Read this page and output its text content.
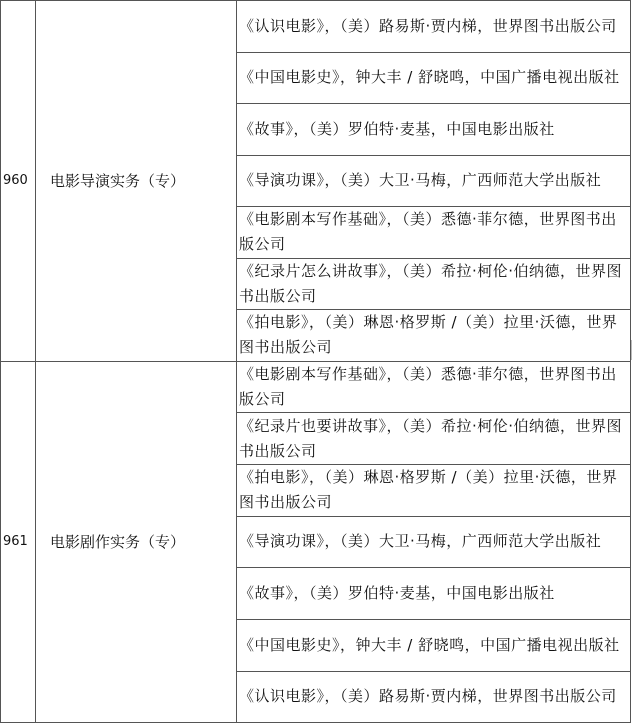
960	电影导演实务（专）	《认识电影》，（美）路易斯·贾内梯，世界图书出版公司

		《中国电影史》，钟大丰 / 舒晓鸣，中国广播电视出版社

		《故事》，（美）罗伯特·麦基，中国电影出版社

		《导演功课》，（美）大卫·马梅，广西师范大学出版社

		《电影剧本写作基础》，（美）悉德·菲尔德，世界图书出版公司

		《纪录片怎么讲故事》，（美）希拉·柯伦·伯纳德，世界图书出版公司

		《拍电影》，（美）琳恩·格罗斯 /（美）拉里·沃德，世界图书出版公司

961	电影剧作实务（专）	《电影剧本写作基础》，（美）悉德·菲尔德，世界图书出版公司

		《纪录片也要讲故事》，（美）希拉·柯伦·伯纳德，世界图书出版公司

		《拍电影》，（美）琳恩·格罗斯 /（美）拉里·沃德，世界图书出版公司

		《导演功课》，（美）大卫·马梅，广西师范大学出版社

		《故事》，（美）罗伯特·麦基，中国电影出版社

		《中国电影史》，钟大丰 / 舒晓鸣，中国广播电视出版社

		《认识电影》，（美）路易斯·贾内梯，世界图书出版公司
